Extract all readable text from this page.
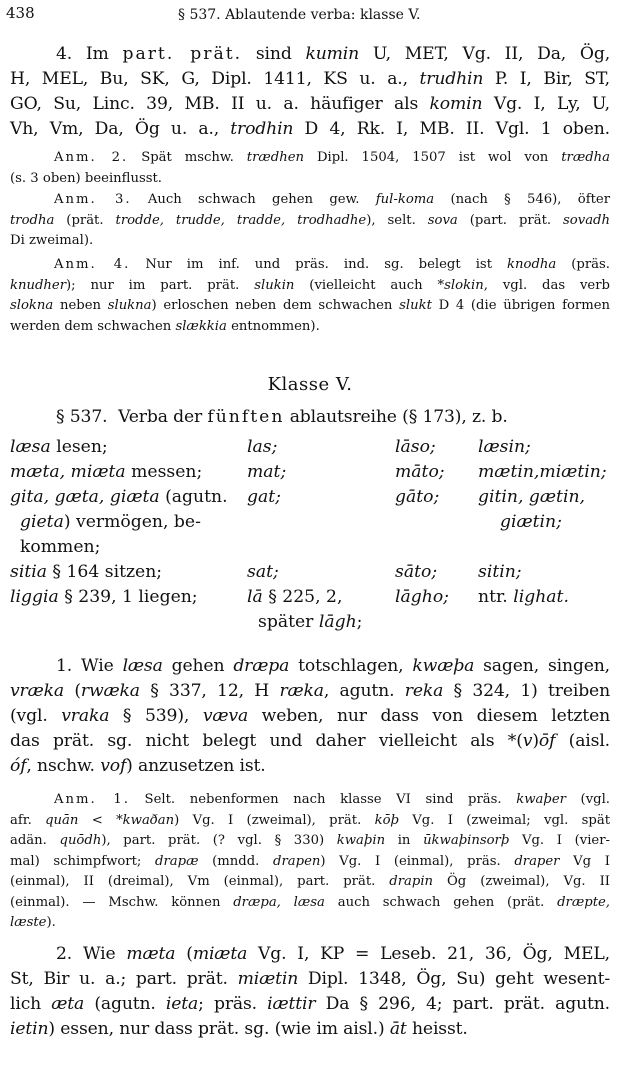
438	§ 537. Ablautende verba: klasse V.
4. Im part. prät. sind kumin U, MET, Vg. II, Da, Ög,
H, MEL, Bu, SK, G, Dipl. 1411, KS u. a., trudhin P. I, Bir, ST,
GO, Su, Linc. 39, MB. II u. a. häufiger als komin Vg. I, Ly, U,
Vh, Vm, Da, Ög u. a., trodhin D 4, Rk. I, MB. II. Vgl. 1 oben.
Anm. 2. Spät mschw. trædhen Dipl. 1504, 1507 ist wol von trædha
(s. 3 oben) beeinflusst.
Anm. 3. Auch schwach gehen gew. ful-koma (nach § 546), öfter
trodha (prät. trodde, trudde, tradde, trodhadhe), selt. sova (part. prät. sovadh
Di zweimal).
Anm. 4. Nur im inf. und präs. ind. sg. belegt ist knodha (präs.
knudher); nur im part. prät. slukin (vielleicht auch *slokin, vgl. das verb
slokna neben slukna) erloschen neben dem schwachen slukt D 4 (die übrigen formen werden dem schwachen slækkia entnommen).
Klasse V.
§ 537. Verba der fünften ablautsreihe (§ 173), z. b.
læsa lesen;	las;	lāso; læsin;
mæta, miæta messen;	mat;	māto; mætin,miætin;
gita, gæta, giæta (agutn. gat;	gāto; gitin, gætin,
gieta) vermögen, be-	giætin;
kommen;
sitia § 164 sitzen;	sat;	sāto; sitin;
liggia § 239, 1 liegen;	lā § 225, 2,	lāgho; ntr. lighat.
später lāgh;
1. Wie læsa gehen dræpa totschlagen, kwæþa sagen, singen,
vræka (rwæka § 337, 12, H ræka, agutn. reka § 324, 1) treiben
(vgl. vraka § 539), væva weben, nur dass von diesem letzten
das prät. sg. nicht belegt und daher vielleicht als *(v)ōf (aisl.
óf, nschw. vof) anzusetzen ist.
Anm. 1. Selt. nebenformen nach klasse VI sind präs. kwaþer (vgl.
afr. quān < *kwaðan) Vg. I (zweimal), prät. kōþ Vg. I (zweimal; vgl. spät
adän. quōdh), part. prät. (? vgl. § 330) kwaþin in ūkwaþinsorþ Vg. I (vier-
mal) schimpfwort; drapæ (mndd. drapen) Vg. I (einmal), präs. draper Vg I
(einmal), II (dreimal), Vm (einmal), part. prät. drapin Ög (zweimal), Vg. II
(einmal). — Mschw. können dræpa, læsa auch schwach gehen (prät. dræpte,
læste).
2. Wie mæta (miæta Vg. I, KP = Leseb. 21, 36, Ög, MEL,
St, Bir u. a.; part. prät. miætin Dipl. 1348, Ög, Su) geht wesent-
lich æta (agutn. ieta; präs. iættir Da § 296, 4; part. prät. agutn.
ietin) essen, nur dass prät. sg. (wie im aisl.) āt heisst.
